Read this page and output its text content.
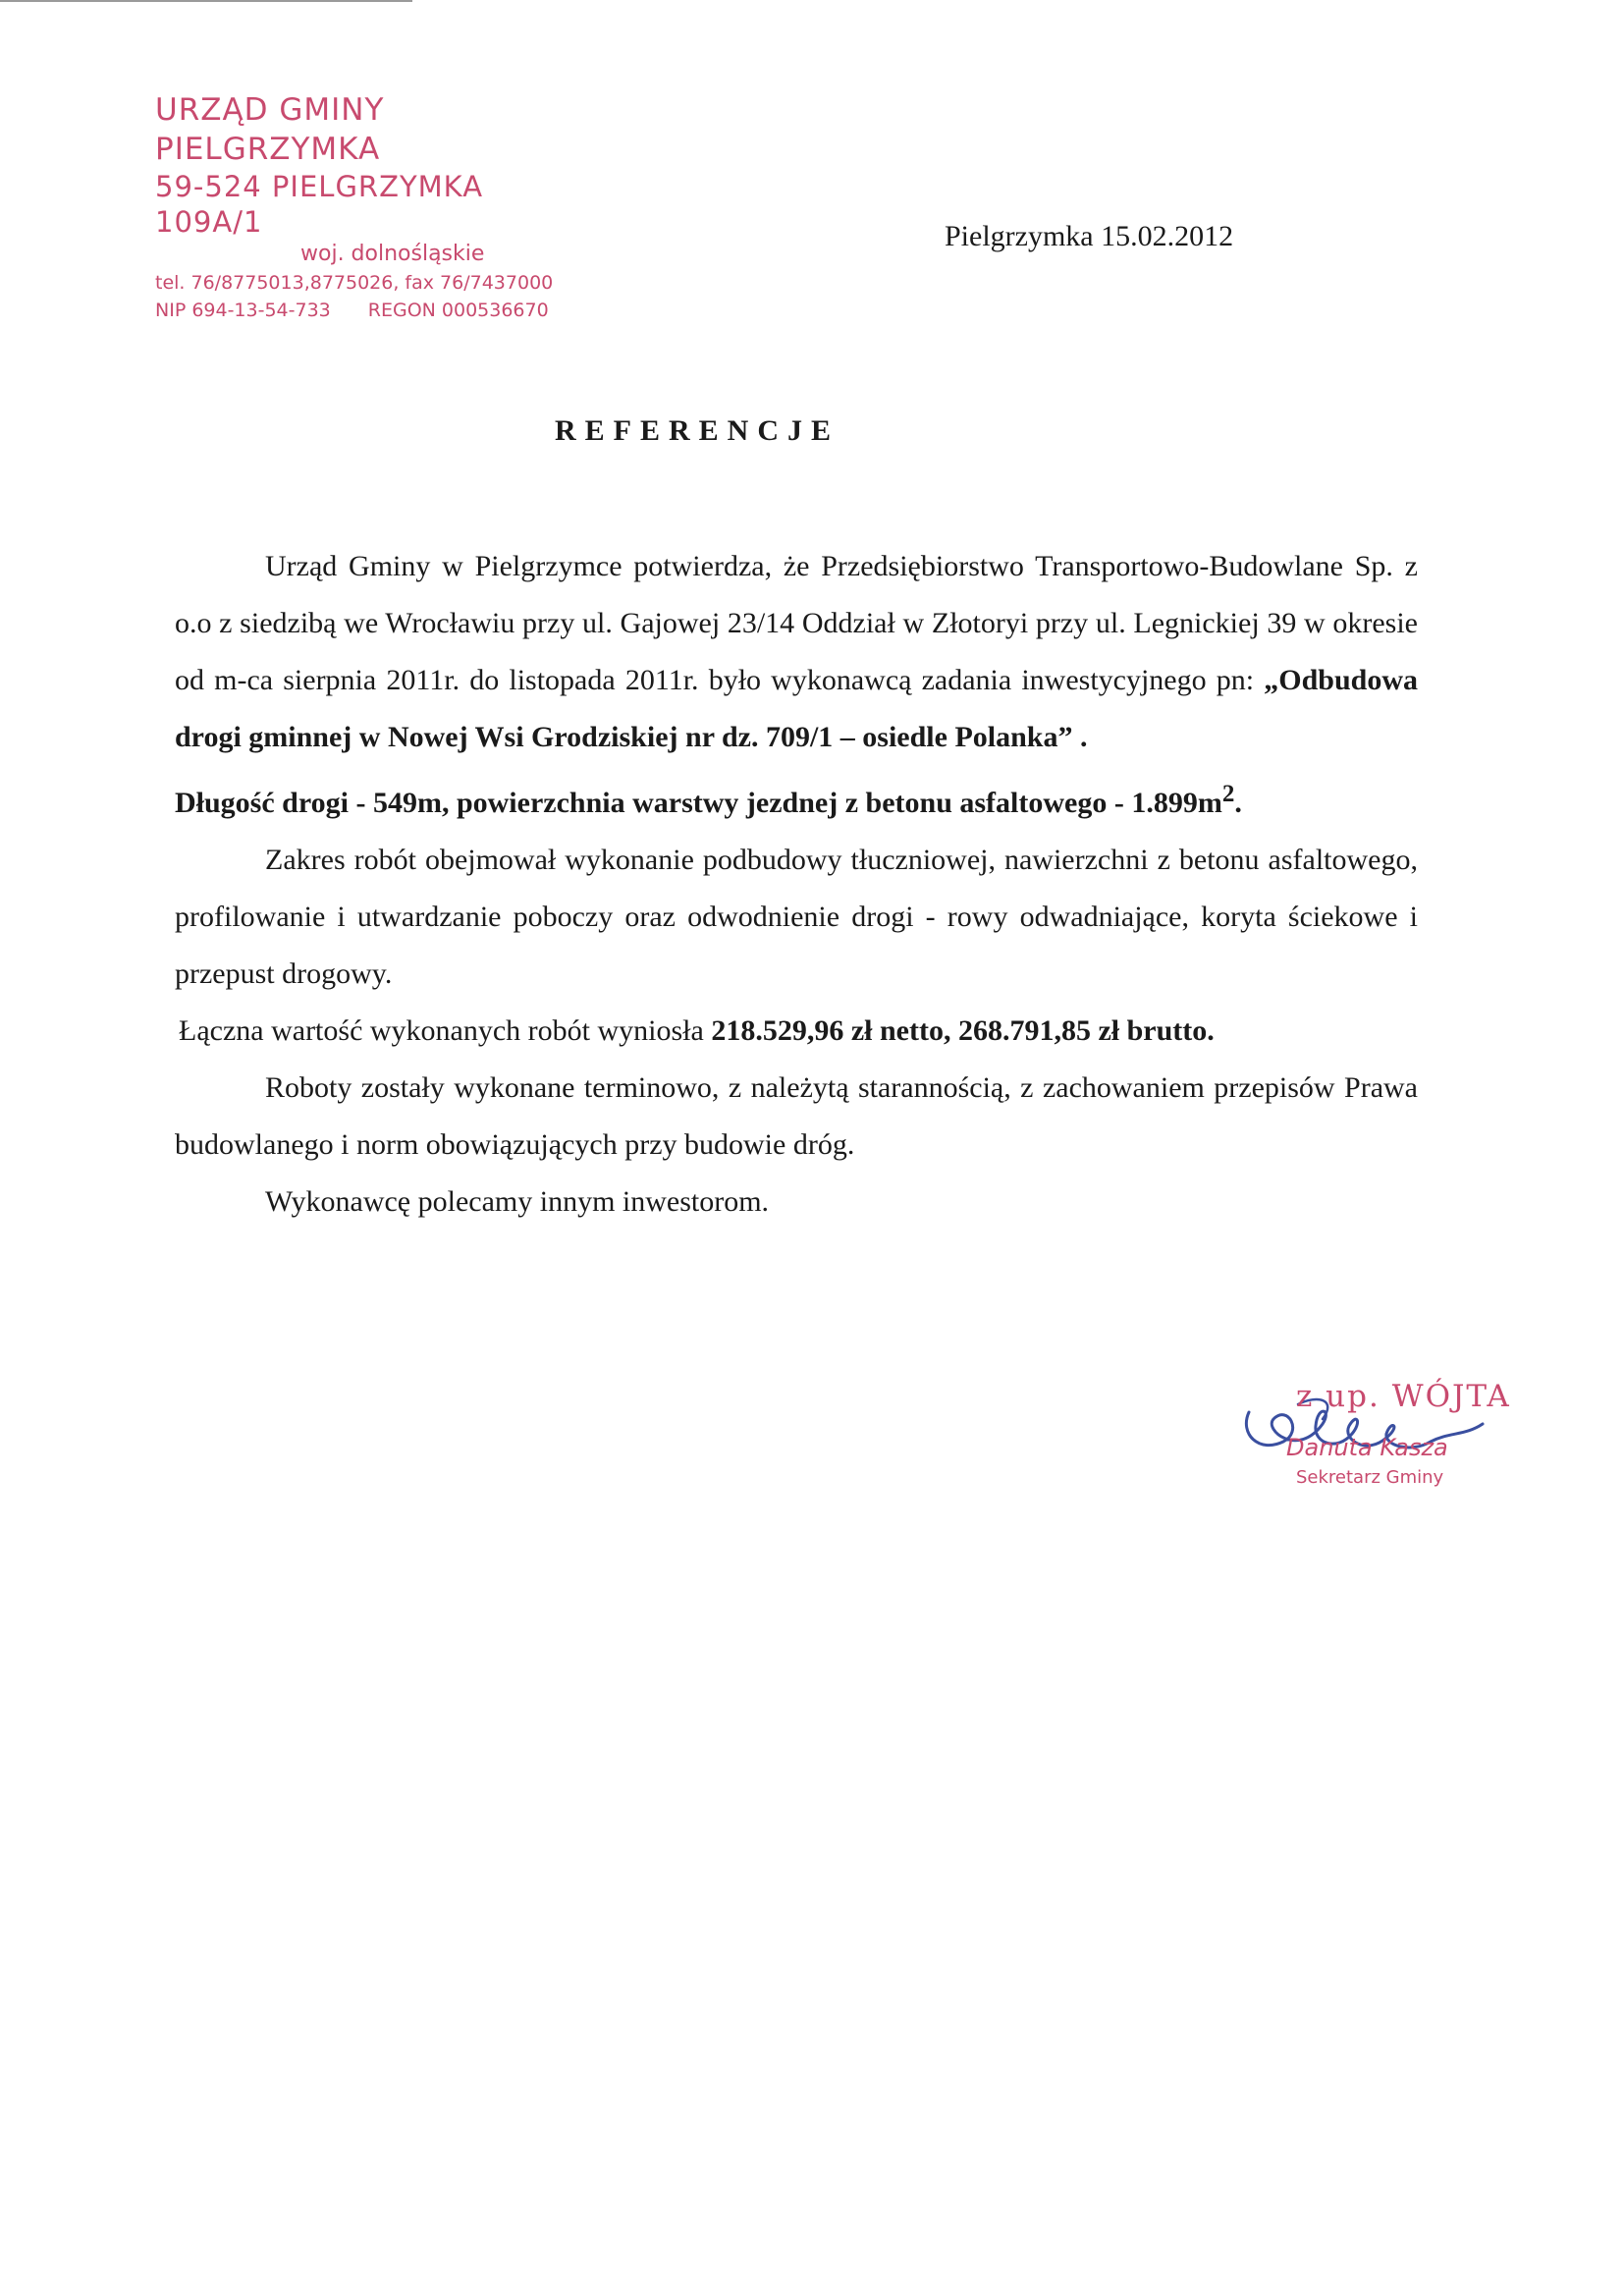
URZĄD GMINY PIELGRZYMKA
59-524 PIELGRZYMKA 109A/1
woj. dolnośląskie
tel. 76/8775013,8775026, fax 76/7437000
NIP 694-13-54-733 REGON 000536670
Pielgrzymka 15.02.2012
REFERENCJE

Urząd Gminy w Pielgrzymce potwierdza, że Przedsiębiorstwo Transportowo-Budowlane Sp. z o.o z siedzibą we Wrocławiu przy ul. Gajowej 23/14 Oddział w Złotoryi przy ul. Legnickiej 39 w okresie od m-ca sierpnia 2011r. do listopada 2011r. było wykonawcą zadania inwestycyjnego pn: „Odbudowa drogi gminnej w Nowej Wsi Grodziskiej nr dz. 709/1 – osiedle Polanka” .

Długość drogi - 549m, powierzchnia warstwy jezdnej z betonu asfaltowego - $1.899m^2$.

Zakres robót obejmował wykonanie podbudowy tłuczniowej, nawierzchni z betonu asfaltowego, profilowanie i utwardzanie poboczy oraz odwodnienie drogi - rowy odwadniające, koryta ściekowe i przepust drogowy.

Łączna wartość wykonanych robót wyniosła 218.529,96 zł netto, 268.791,85 zł brutto.

Roboty zostały wykonane terminowo, z należytą starannością, z zachowaniem przepisów Prawa budowlanego i norm obowiązujących przy budowie dróg.

Wykonawcę polecamy innym inwestorom.

z up. WÓJTA
Danuta Kasza
Sekretarz Gminy
